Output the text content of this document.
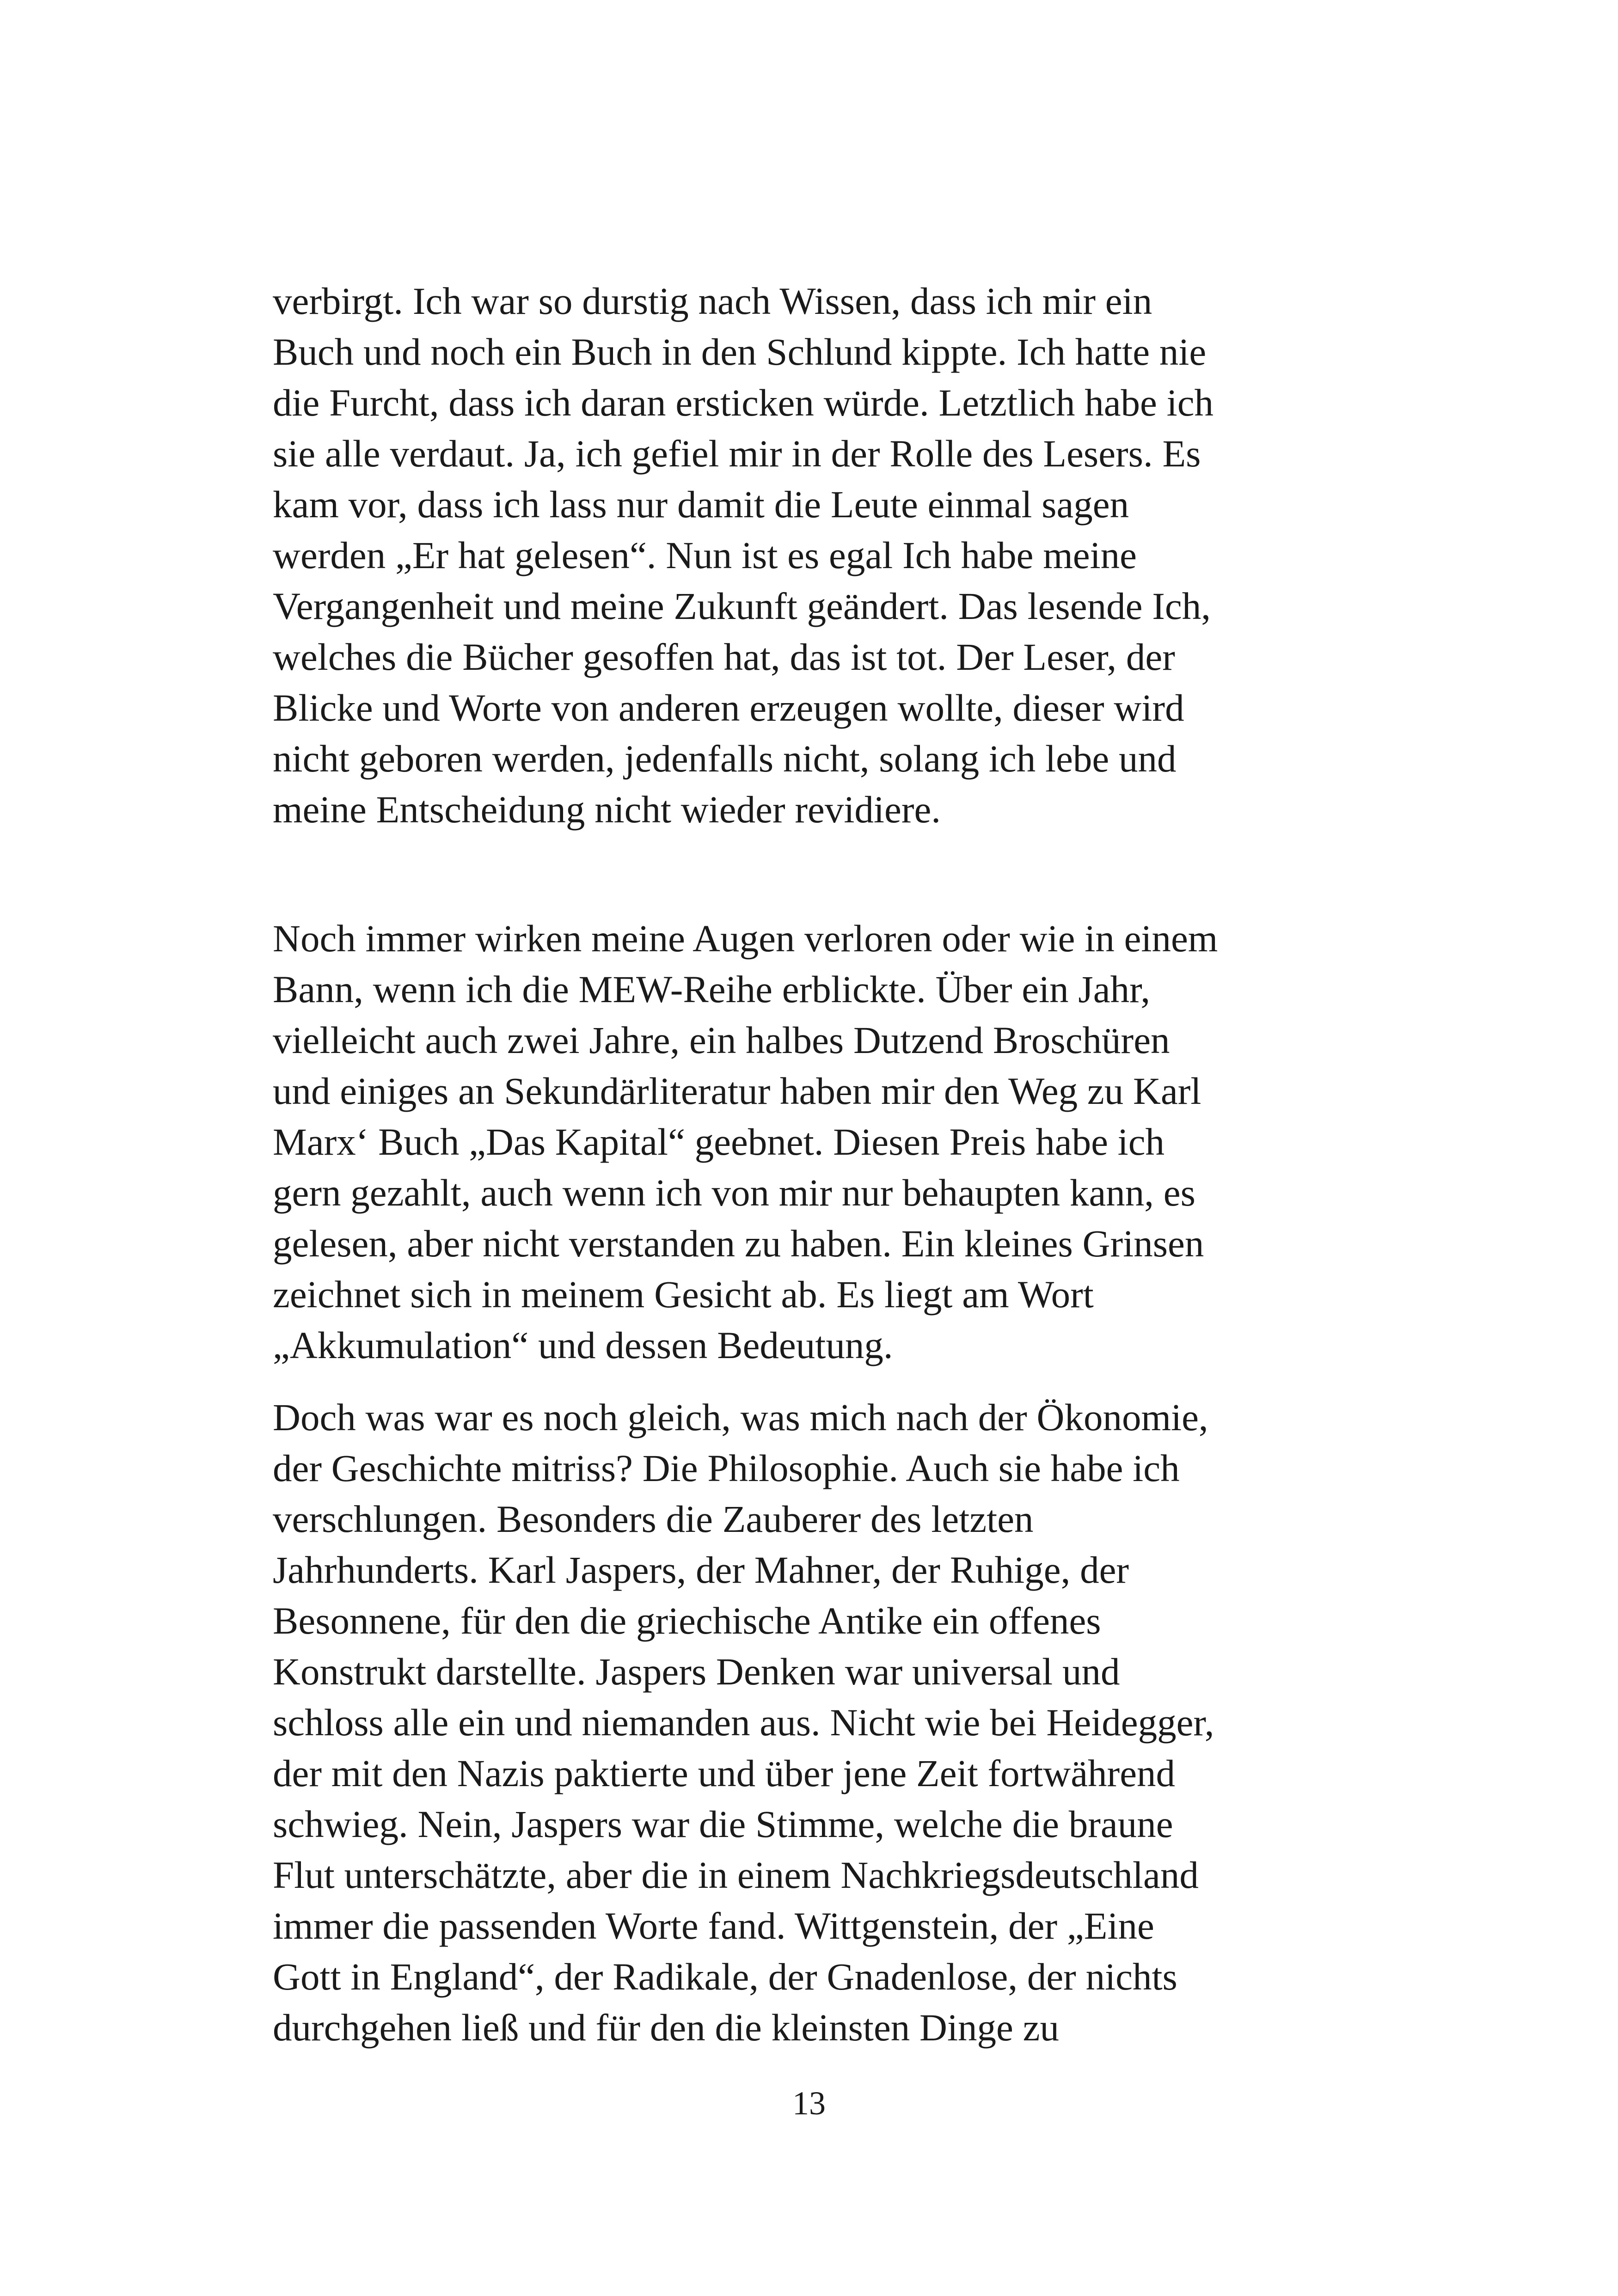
verbirgt. Ich war so durstig nach Wissen, dass ich mir ein
Buch und noch ein Buch in den Schlund kippte. Ich hatte nie
die Furcht, dass ich daran ersticken würde. Letztlich habe ich
sie alle verdaut. Ja, ich gefiel mir in der Rolle des Lesers. Es
kam vor, dass ich lass nur damit die Leute einmal sagen
werden „Er hat gelesen“. Nun ist es egal Ich habe meine
Vergangenheit und meine Zukunft geändert. Das lesende Ich,
welches die Bücher gesoffen hat, das ist tot. Der Leser, der
Blicke und Worte von anderen erzeugen wollte, dieser wird
nicht geboren werden, jedenfalls nicht, solang ich lebe und
meine Entscheidung nicht wieder revidiere.
Noch immer wirken meine Augen verloren oder wie in einem
Bann, wenn ich die MEW-Reihe erblickte. Über ein Jahr,
vielleicht auch zwei Jahre, ein halbes Dutzend Broschüren
und einiges an Sekundärliteratur haben mir den Weg zu Karl
Marx‘ Buch „Das Kapital“ geebnet. Diesen Preis habe ich
gern gezahlt, auch wenn ich von mir nur behaupten kann, es
gelesen, aber nicht verstanden zu haben. Ein kleines Grinsen
zeichnet sich in meinem Gesicht ab. Es liegt am Wort
„Akkumulation“ und dessen Bedeutung.
Doch was war es noch gleich, was mich nach der Ökonomie,
der Geschichte mitriss? Die Philosophie. Auch sie habe ich
verschlungen. Besonders die Zauberer des letzten
Jahrhunderts. Karl Jaspers, der Mahner, der Ruhige, der
Besonnene, für den die griechische Antike ein offenes
Konstrukt darstellte. Jaspers Denken war universal und
schloss alle ein und niemanden aus. Nicht wie bei Heidegger,
der mit den Nazis paktierte und über jene Zeit fortwährend
schwieg. Nein, Jaspers war die Stimme, welche die braune
Flut unterschätzte, aber die in einem Nachkriegsdeutschland
immer die passenden Worte fand. Wittgenstein, der „Eine
Gott in England“, der Radikale, der Gnadenlose, der nichts
durchgehen ließ und für den die kleinsten Dinge zu
13
